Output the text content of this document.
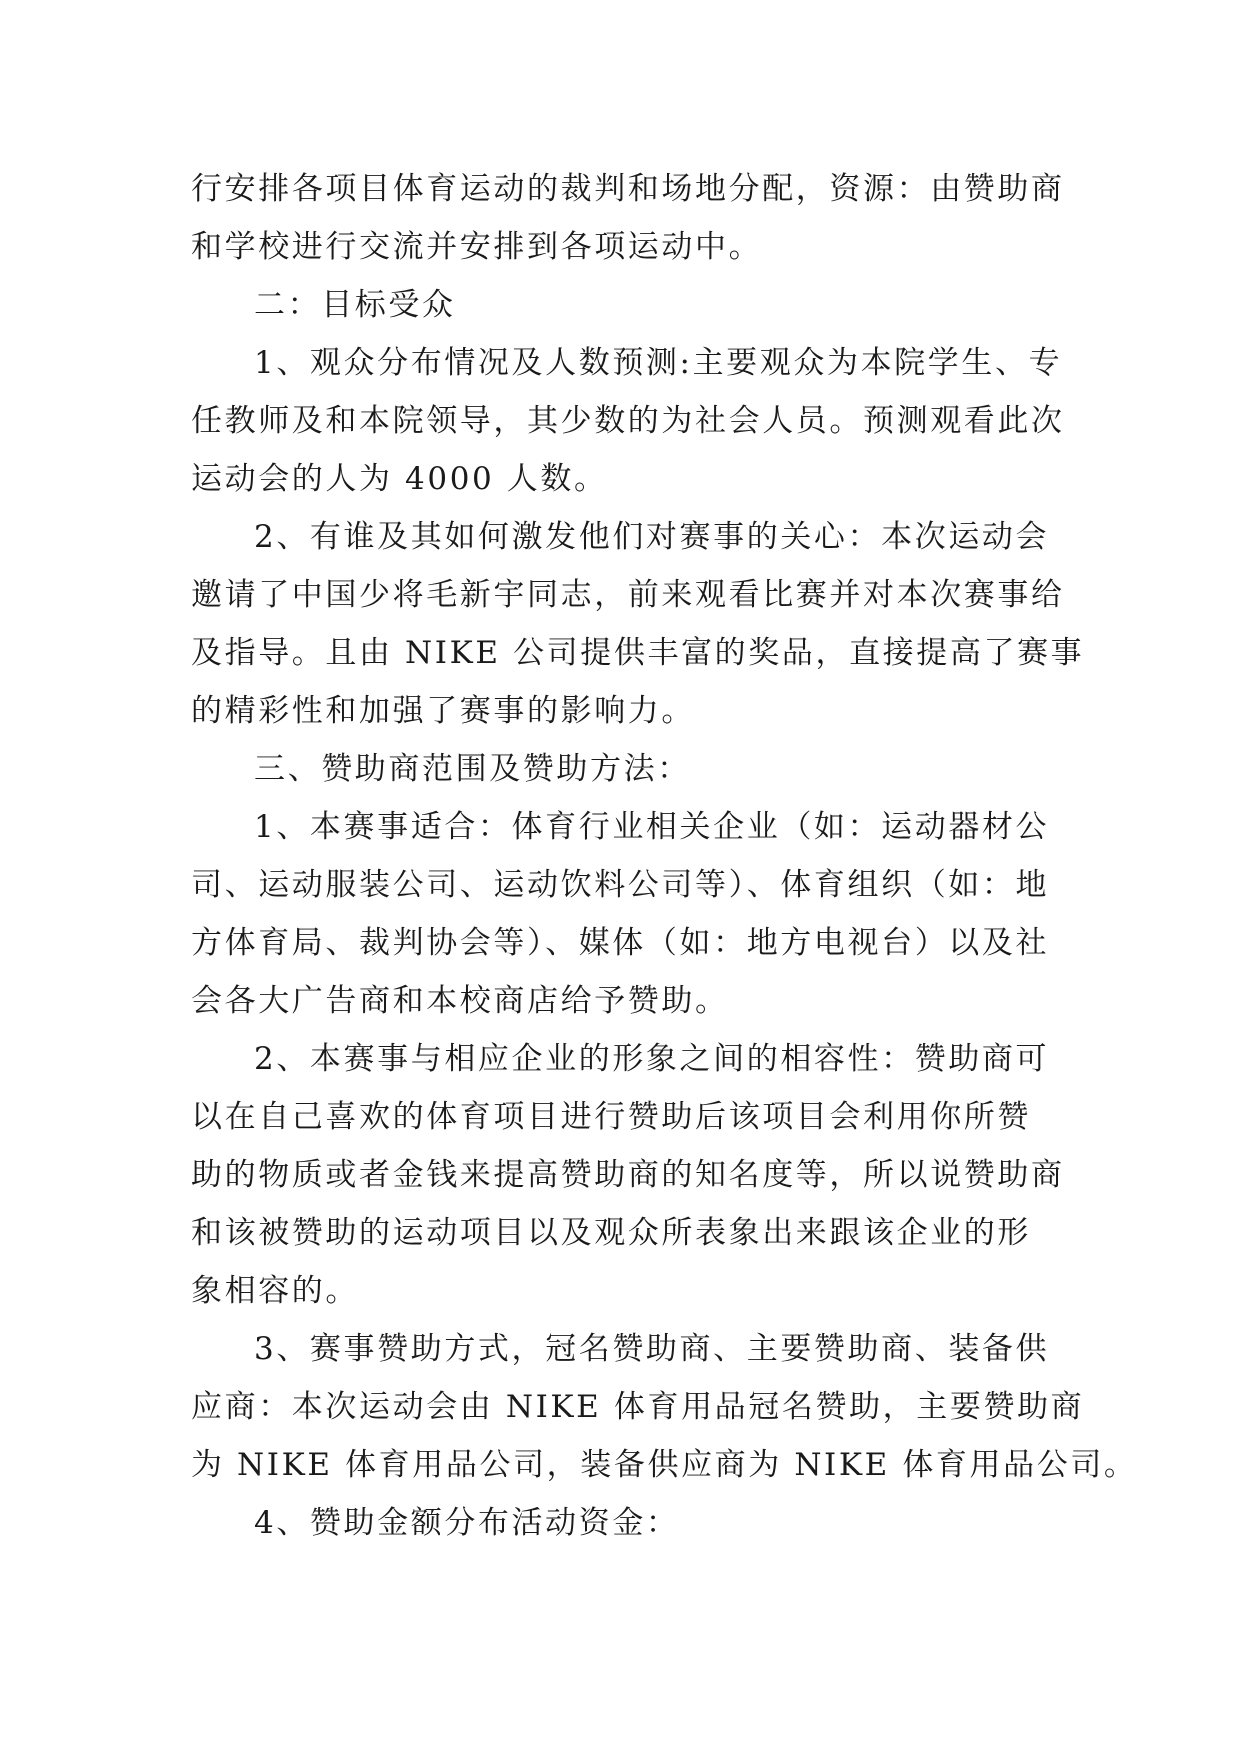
行安排各项目体育运动的裁判和场地分配，资源：由赞助商
和学校进行交流并安排到各项运动中。
二：目标受众
1、观众分布情况及人数预测:主要观众为本院学生、专
任教师及和本院领导，其少数的为社会人员。预测观看此次
运动会的人为 4000 人数。
2、有谁及其如何激发他们对赛事的关心：本次运动会
邀请了中国少将毛新宇同志，前来观看比赛并对本次赛事给
及指导。且由 NIKE 公司提供丰富的奖品，直接提高了赛事
的精彩性和加强了赛事的影响力。
三、赞助商范围及赞助方法：
1、本赛事适合：体育行业相关企业（如：运动器材公
司、运动服装公司、运动饮料公司等）、体育组织（如：地
方体育局、裁判协会等）、媒体（如：地方电视台）以及社
会各大广告商和本校商店给予赞助。
2、本赛事与相应企业的形象之间的相容性：赞助商可
以在自己喜欢的体育项目进行赞助后该项目会利用你所赞
助的物质或者金钱来提高赞助商的知名度等，所以说赞助商
和该被赞助的运动项目以及观众所表象出来跟该企业的形
象相容的。
3、赛事赞助方式，冠名赞助商、主要赞助商、装备供
应商：本次运动会由 NIKE 体育用品冠名赞助，主要赞助商
为 NIKE 体育用品公司，装备供应商为 NIKE 体育用品公司。
4、赞助金额分布活动资金：
